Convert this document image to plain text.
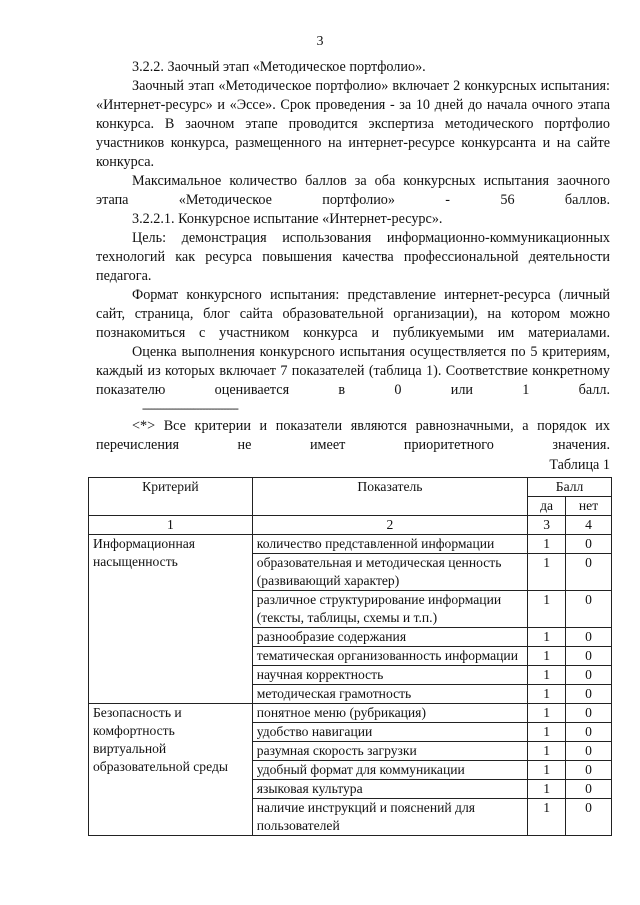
3

3.2.2. Заочный этап «Методическое портфолио».

Заочный этап «Методическое портфолио» включает 2 конкурсных испытания: «Интернет-ресурс» и «Эссе». Срок проведения - за 10 дней до начала очного этапа конкурса. В заочном этапе проводится экспертиза методического портфолио участников конкурса, размещенного на интернет-ресурсе конкурсанта и на сайте конкурса.

Максимальное количество баллов за оба конкурсных испытания заочного этапа «Методическое портфолио» - 56 баллов.

3.2.2.1. Конкурсное испытание «Интернет-ресурс».

Цель: демонстрация использования информационно-коммуникационных технологий как ресурса повышения качества профессиональной деятельности педагога.

Формат конкурсного испытания: представление интернет-ресурса (личный сайт, страница, блог сайта образовательной организации), на котором можно познакомиться с участником конкурса и публикуемыми им материалами.

Оценка выполнения конкурсного испытания осуществляется по 5 критериям, каждый из которых включает 7 показателей (таблица 1). Соответствие конкретному показателю оценивается в 0 или 1 балл.

--------------------------------

<*> Все критерии и показатели являются равнозначными, а порядок их перечисления не имеет приоритетного значения.

Таблица 1
Критерий	Показатель	Балл	
		да	нет
1	2	3	4
Информационная насыщенность	количество представленной информации	1	0
	образовательная и методическая ценность (развивающий характер)	1	0
	различное структурирование информации (тексты, таблицы, схемы и т.п.)	1	0
	разнообразие содержания	1	0
	тематическая организованность информации	1	0
	научная корректность	1	0
	методическая грамотность	1	0
Безопасность и комфортность виртуальной образовательной среды	понятное меню (рубрикация)	1	0
	удобство навигации	1	0
	разумная скорость загрузки	1	0
	удобный формат для коммуникации	1	0
	языковая культура	1	0
	наличие инструкций и пояснений для пользователей	1	0
